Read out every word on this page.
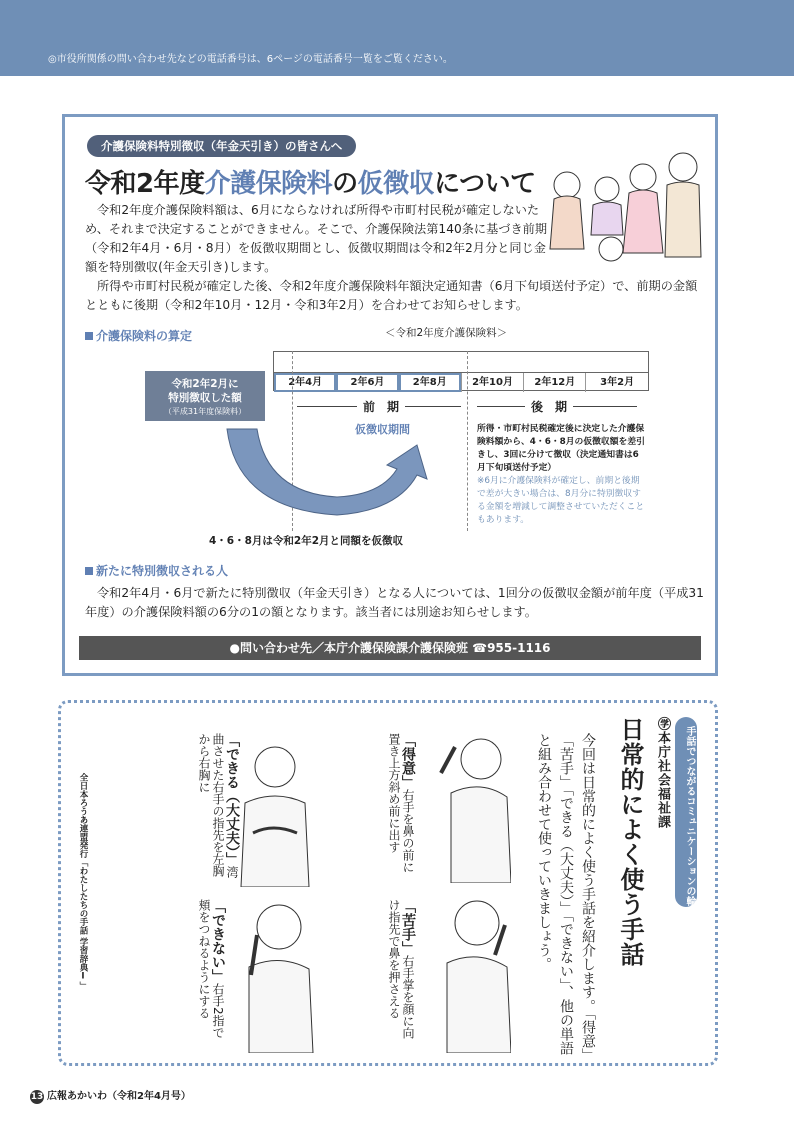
◎市役所関係の問い合わせ先などの電話番号は、6ページの電話番号一覧をご覧ください。
介護保険料特別徴収（年金天引き）の皆さんへ
令和2年度介護保険料の仮徴収について
令和2年度介護保険料額は、6月にならなければ所得や市町村民税が確定しないため、それまで決定することができません。そこで、介護保険法第140条に基づき前期（令和2年4月・6月・8月）を仮徴収期間とし、仮徴収期間は令和2年2月分と同じ金額を特別徴収(年金天引き)します。
所得や市町村民税が確定した後、令和2年度介護保険料年額決定通知書（6月下旬頃送付予定）で、前期の金額とともに後期（令和2年10月・12月・令和3年2月）を合わせてお知らせします。
介護保険料の算定	＜令和2年度介護保険料＞
2年4月	2年6月	2年8月	2年10月	2年12月	3年2月
令和2年2月に
特別徴収した額
（平成31年度保険料）	前　期	後　期
仮徴収期間	所得・市町村民税確定後に決定した介護保険料額から、4・6・8月の仮徴収額を差引きし、3回に分けて徴収（決定通知書は6月下旬頃送付予定）
※6月に介護保険料が確定し、前期と後期で差が大きい場合は、8月分に特別徴収する金額を増減して調整させていただくこともあります。
4・6・8月は令和2年2月と同額を仮徴収
新たに特別徴収される人
令和2年4月・6月で新たに特別徴収（年金天引き）となる人については、1回分の仮徴収金額が前年度（平成31年度）の介護保険料額の6分の1の額となります。該当者には別途お知らせします。
●問い合わせ先／本庁介護保険課介護保険班 ☎955-1116
手話でつながるコミュニケーションの輪
㊫本庁社会福祉課
日常的によく使う手話
今回は日常的によく使う手話を紹介します。「得意」「苦手」「できる（大丈夫）」「できない」、他の単語と組み合わせて使っていきましょう。
「得意」右手を鼻の前に置き上方斜め前に出す
「できる（大丈夫）」湾曲させた右手の指先を左胸から右胸に
「苦手」右手掌を顔に向け指先で鼻を押さえる
「できない」右手2指で頬をつねるようにする
全日本ろうあ連盟発行「わたしたちの手話 学習辞典Ⅰ」
13 広報あかいわ（令和2年4月号）
